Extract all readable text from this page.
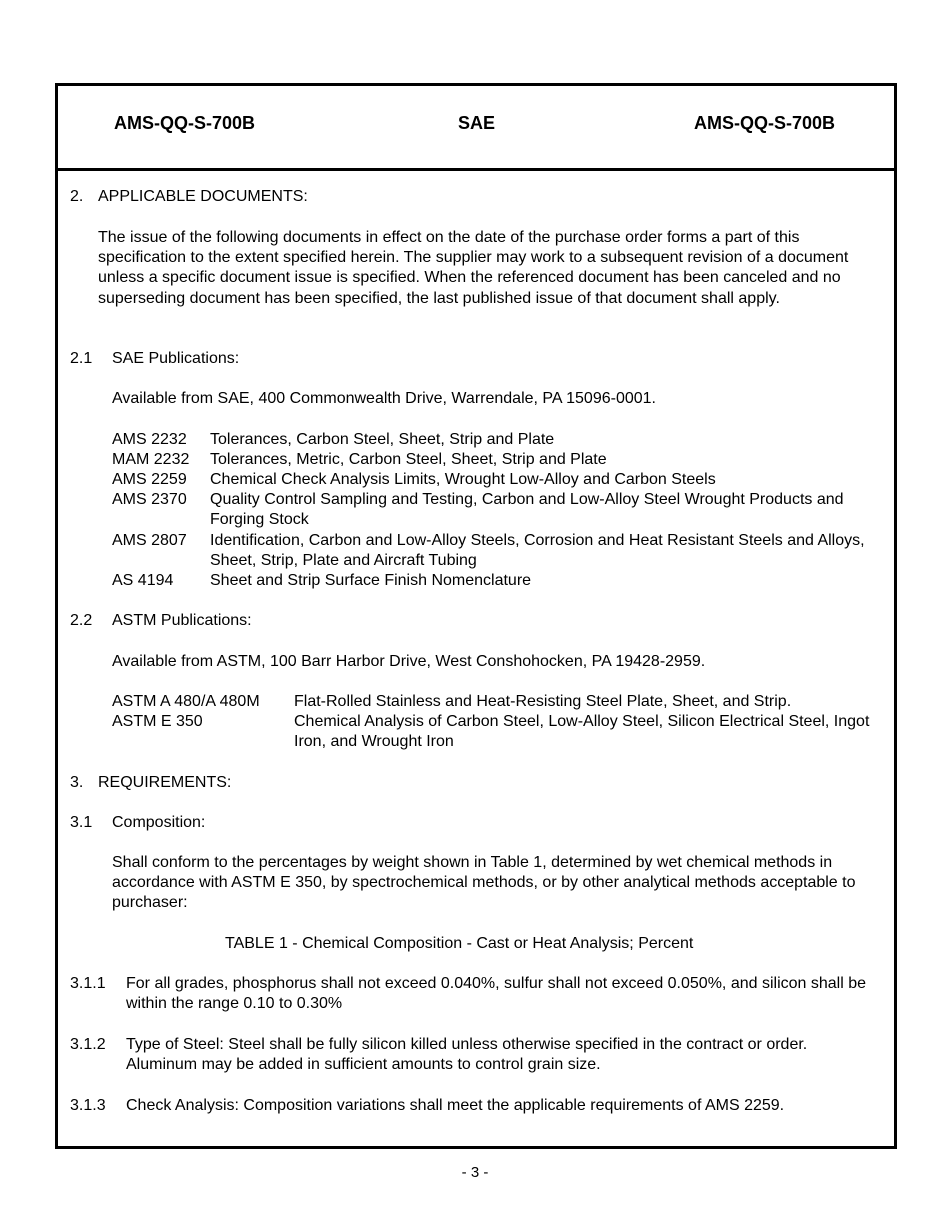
AMS-QQ-S-700B	SAE	AMS-QQ-S-700B
2. APPLICABLE DOCUMENTS:
The issue of the following documents in effect on the date of the purchase order forms a part of this specification to the extent specified herein. The supplier may work to a subsequent revision of a document unless a specific document issue is specified. When the referenced document has been canceled and no superseding document has been specified, the last published issue of that document shall apply.
2.1 SAE Publications:
Available from SAE, 400 Commonwealth Drive, Warrendale, PA 15096-0001.
AMS 2232 Tolerances, Carbon Steel, Sheet, Strip and Plate
MAM 2232 Tolerances, Metric, Carbon Steel, Sheet, Strip and Plate
AMS 2259 Chemical Check Analysis Limits, Wrought Low-Alloy and Carbon Steels
AMS 2370 Quality Control Sampling and Testing, Carbon and Low-Alloy Steel Wrought Products and Forging Stock
AMS 2807 Identification, Carbon and Low-Alloy Steels, Corrosion and Heat Resistant Steels and Alloys, Sheet, Strip, Plate and Aircraft Tubing
AS 4194 Sheet and Strip Surface Finish Nomenclature
2.2 ASTM Publications:
Available from ASTM, 100 Barr Harbor Drive, West Conshohocken, PA 19428-2959.
ASTM A 480/A 480M Flat-Rolled Stainless and Heat-Resisting Steel Plate, Sheet, and Strip.
ASTM E 350	Chemical Analysis of Carbon Steel, Low-Alloy Steel, Silicon Electrical Steel, Ingot Iron, and Wrought Iron
3. REQUIREMENTS:
3.1 Composition:
Shall conform to the percentages by weight shown in Table 1, determined by wet chemical methods in accordance with ASTM E 350, by spectrochemical methods, or by other analytical methods acceptable to purchaser:
TABLE 1 - Chemical Composition - Cast or Heat Analysis; Percent
3.1.1 For all grades, phosphorus shall not exceed 0.040%, sulfur shall not exceed 0.050%, and silicon shall be within the range 0.10 to 0.30%
3.1.2 Type of Steel: Steel shall be fully silicon killed unless otherwise specified in the contract or order. Aluminum may be added in sufficient amounts to control grain size.
3.1.3 Check Analysis: Composition variations shall meet the applicable requirements of AMS 2259.
- 3 -
